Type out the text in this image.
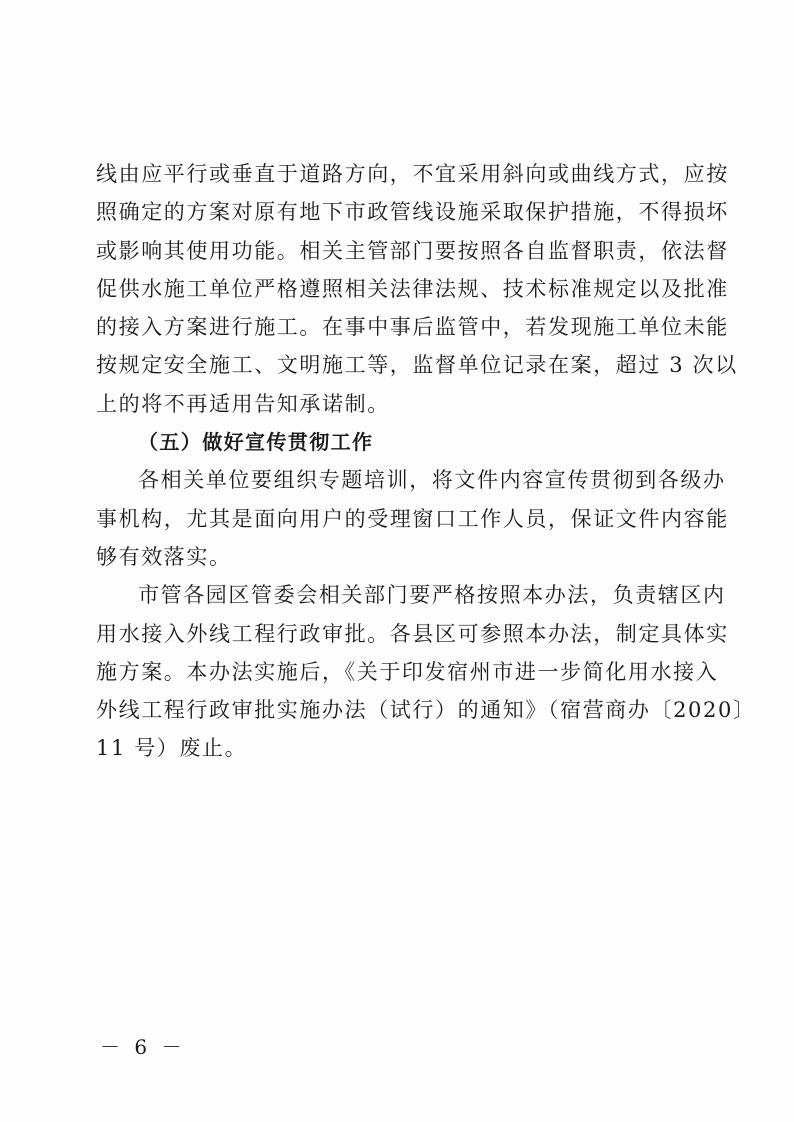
线由应平行或垂直于道路方向，不宜采用斜向或曲线方式，应按
照确定的方案对原有地下市政管线设施采取保护措施，不得损坏
或影响其使用功能。相关主管部门要按照各自监督职责，依法督
促供水施工单位严格遵照相关法律法规、技术标准规定以及批准
的接入方案进行施工。在事中事后监管中，若发现施工单位未能
按规定安全施工、文明施工等，监督单位记录在案，超过 3 次以
上的将不再适用告知承诺制。
（五）做好宣传贯彻工作
各相关单位要组织专题培训，将文件内容宣传贯彻到各级办
事机构，尤其是面向用户的受理窗口工作人员，保证文件内容能
够有效落实。
市管各园区管委会相关部门要严格按照本办法，负责辖区内
用水接入外线工程行政审批。各县区可参照本办法，制定具体实
施方案。本办法实施后，《关于印发宿州市进一步简化用水接入
外线工程行政审批实施办法（试行）的通知》（宿营商办〔2020〕
11 号）废止。
－ 6 －
